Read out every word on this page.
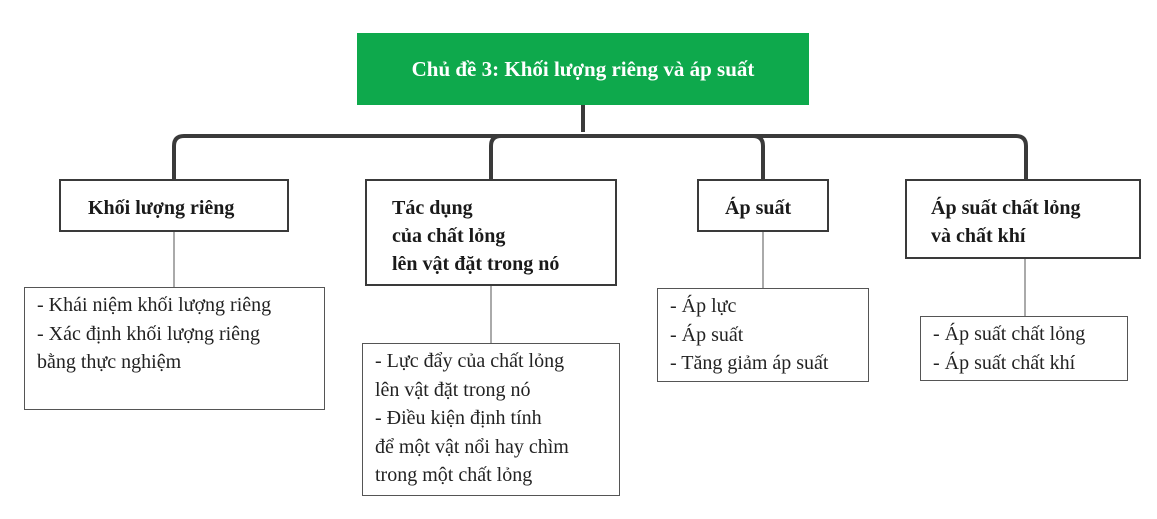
Chủ đề 3: Khối lượng riêng và áp suất
Khối lượng riêng
- Khái niệm khối lượng riêng
- Xác định khối lượng riêng
bằng thực nghiệm
Tác dụng
của chất lỏng
lên vật đặt trong nó
- Lực đẩy của chất lỏng
lên vật đặt trong nó
- Điều kiện định tính
để một vật nổi hay chìm
trong một chất lỏng
Áp suất
- Áp lực
- Áp suất
- Tăng giảm áp suất
Áp suất chất lỏng
và chất khí
- Áp suất chất lỏng
- Áp suất chất khí
